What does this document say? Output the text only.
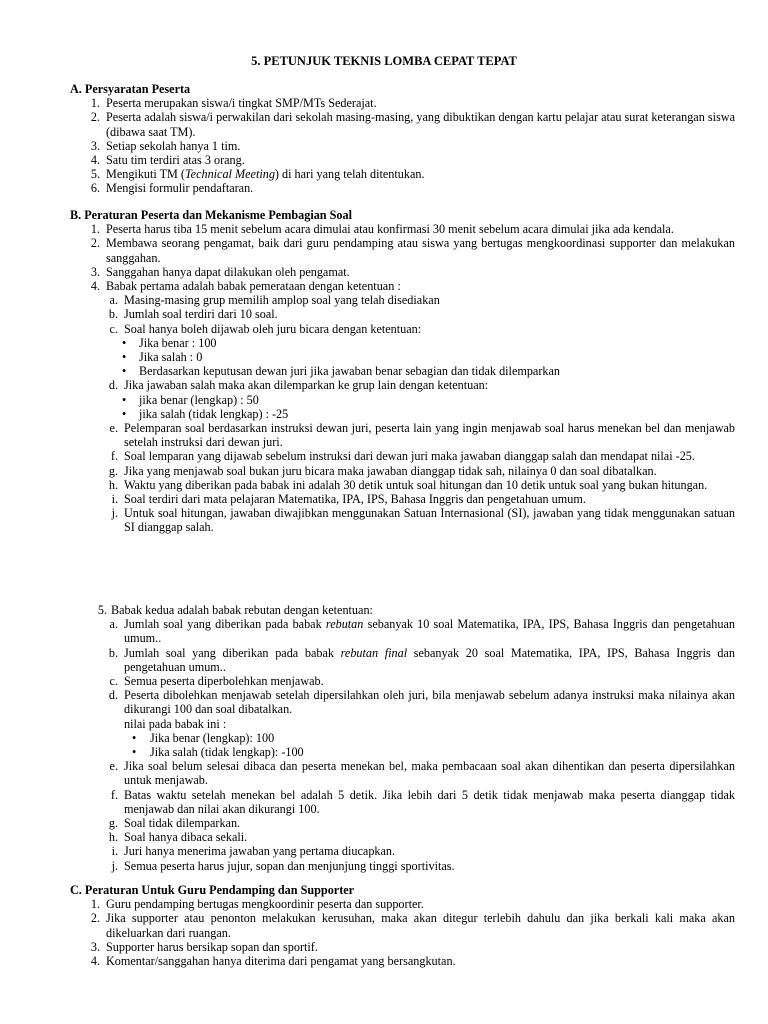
5. PETUNJUK TEKNIS LOMBA CEPAT TEPAT
A. Persyaratan Peserta
1. Peserta merupakan siswa/i tingkat SMP/MTs Sederajat.
2. Peserta adalah siswa/i perwakilan dari sekolah masing-masing, yang dibuktikan dengan kartu pelajar atau surat keterangan siswa (dibawa saat TM).
3. Setiap sekolah hanya 1 tim.
4. Satu tim terdiri atas 3 orang.
5. Mengikuti TM (Technical Meeting) di hari yang telah ditentukan.
6. Mengisi formulir pendaftaran.
B. Peraturan Peserta dan Mekanisme Pembagian Soal
1. Peserta harus tiba 15 menit sebelum acara dimulai atau konfirmasi 30 menit sebelum acara dimulai jika ada kendala.
2. Membawa seorang pengamat, baik dari guru pendamping atau siswa yang bertugas mengkoordinasi supporter dan melakukan sanggahan.
3. Sanggahan hanya dapat dilakukan oleh pengamat.
4. Babak pertama adalah babak pemerataan dengan ketentuan :
a. Masing-masing grup memilih amplop soal yang telah disediakan
b. Jumlah soal terdiri dari 10 soal.
c. Soal hanya boleh dijawab oleh juru bicara dengan ketentuan:
• Jika benar : 100
• Jika salah : 0
• Berdasarkan keputusan dewan juri jika jawaban benar sebagian dan tidak dilemparkan
d. Jika jawaban salah maka akan dilemparkan ke grup lain dengan ketentuan:
• jika benar (lengkap) : 50
• jika salah (tidak lengkap) : -25
e. Pelemparan soal berdasarkan instruksi dewan juri, peserta lain yang ingin menjawab soal harus menekan bel dan menjawab setelah instruksi dari dewan juri.
f. Soal lemparan yang dijawab sebelum instruksi dari dewan juri maka jawaban dianggap salah dan mendapat nilai -25.
g. Jika yang menjawab soal bukan juru bicara maka jawaban dianggap tidak sah, nilainya 0 dan soal dibatalkan.
h. Waktu yang diberikan pada babak ini adalah 30 detik untuk soal hitungan dan 10 detik untuk soal yang bukan hitungan.
i. Soal terdiri dari mata pelajaran Matematika, IPA, IPS, Bahasa Inggris dan pengetahuan umum.
j. Untuk soal hitungan, jawaban diwajibkan menggunakan Satuan Internasional (SI), jawaban yang tidak menggunakan satuan SI dianggap salah.
5. Babak kedua adalah babak rebutan dengan ketentuan:
a. Jumlah soal yang diberikan pada babak rebutan sebanyak 10 soal Matematika, IPA, IPS, Bahasa Inggris dan pengetahuan umum..
b. Jumlah soal yang diberikan pada babak rebutan final sebanyak 20 soal Matematika, IPA, IPS, Bahasa Inggris dan pengetahuan umum..
c. Semua peserta diperbolehkan menjawab.
d. Peserta dibolehkan menjawab setelah dipersilahkan oleh juri, bila menjawab sebelum adanya instruksi maka nilainya akan dikurangi 100 dan soal dibatalkan.
nilai pada babak ini :
• Jika benar (lengkap): 100
• Jika salah (tidak lengkap): -100
e. Jika soal belum selesai dibaca dan peserta menekan bel, maka pembacaan soal akan dihentikan dan peserta dipersilahkan untuk menjawab.
f. Batas waktu setelah menekan bel adalah 5 detik. Jika lebih dari 5 detik tidak menjawab maka peserta dianggap tidak menjawab dan nilai akan dikurangi 100.
g. Soal tidak dilemparkan.
h. Soal hanya dibaca sekali.
i. Juri hanya menerima jawaban yang pertama diucapkan.
j. Semua peserta harus jujur, sopan dan menjunjung tinggi sportivitas.
C. Peraturan Untuk Guru Pendamping dan Supporter
1. Guru pendamping bertugas mengkoordinir peserta dan supporter.
2. Jika supporter atau penonton melakukan kerusuhan, maka akan ditegur terlebih dahulu dan jika berkali kali maka akan dikeluarkan dari ruangan.
3. Supporter harus bersikap sopan dan sportif.
4. Komentar/sanggahan hanya diterima dari pengamat yang bersangkutan.
